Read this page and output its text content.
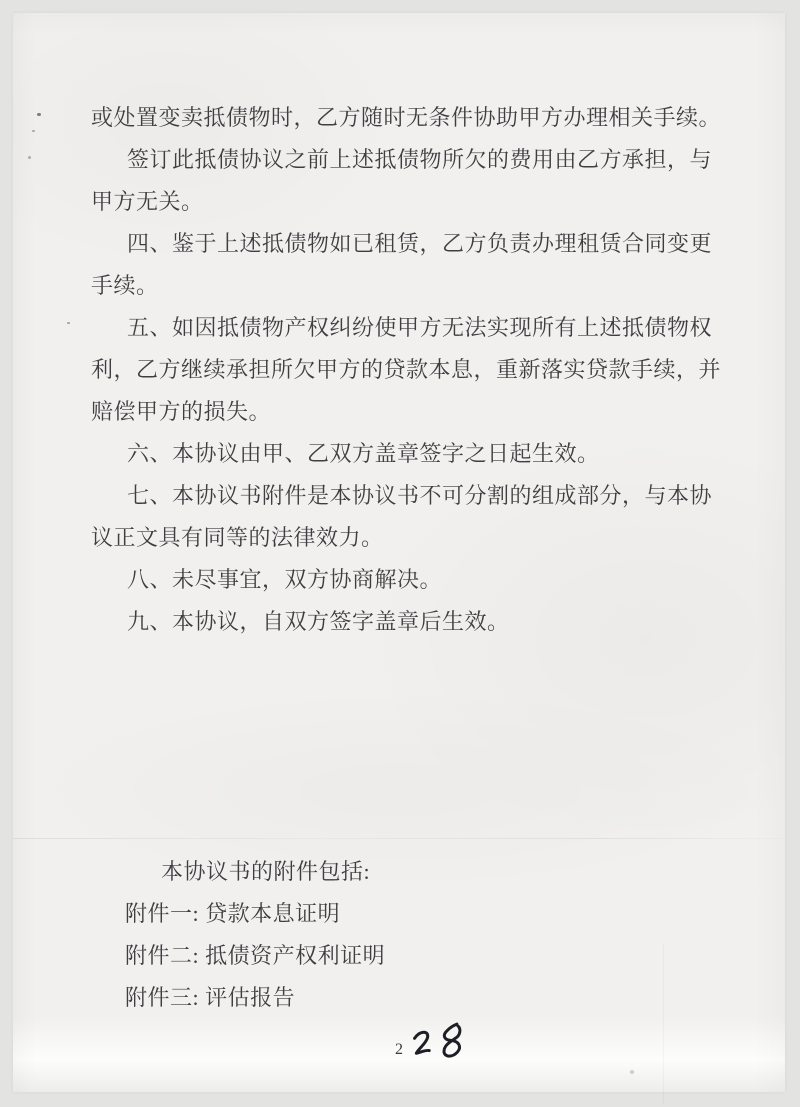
或处置变卖抵债物时，乙方随时无条件协助甲方办理相关手续。
签订此抵债协议之前上述抵债物所欠的费用由乙方承担，与
甲方无关。
四、鉴于上述抵债物如已租赁，乙方负责办理租赁合同变更
手续。
五、如因抵债物产权纠纷使甲方无法实现所有上述抵债物权
利，乙方继续承担所欠甲方的贷款本息，重新落实贷款手续，并
赔偿甲方的损失。
六、本协议由甲、乙双方盖章签字之日起生效。
七、本协议书附件是本协议书不可分割的组成部分，与本协
议正文具有同等的法律效力。
八、未尽事宜，双方协商解决。
九、本协议，自双方签字盖章后生效。
本协议书的附件包括:
附件一: 贷款本息证明
附件二: 抵债资产权利证明
附件三: 评估报告
2
